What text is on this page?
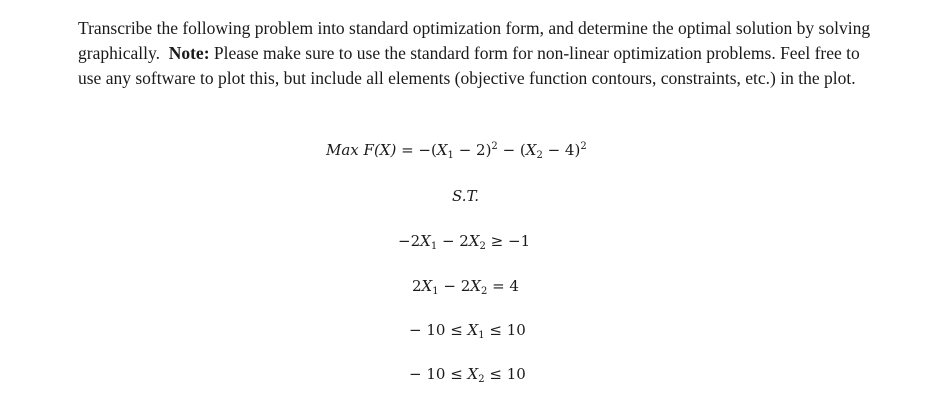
Transcribe the following problem into standard optimization form, and determine the optimal solution by solving graphically. Note: Please make sure to use the standard form for non-linear optimization problems. Feel free to use any software to plot this, but include all elements (objective function contours, constraints, etc.) in the plot.

Max $F(X) = -(X_1 - 2)^2 - (X_2 - 4)^2$
S.T.
$-2X_1 - 2X_2 \ge -1$
$2X_1 - 2X_2 = 4$
− $10 \le X_1 \le 10$
− $10 \le X_2 \le 10$
